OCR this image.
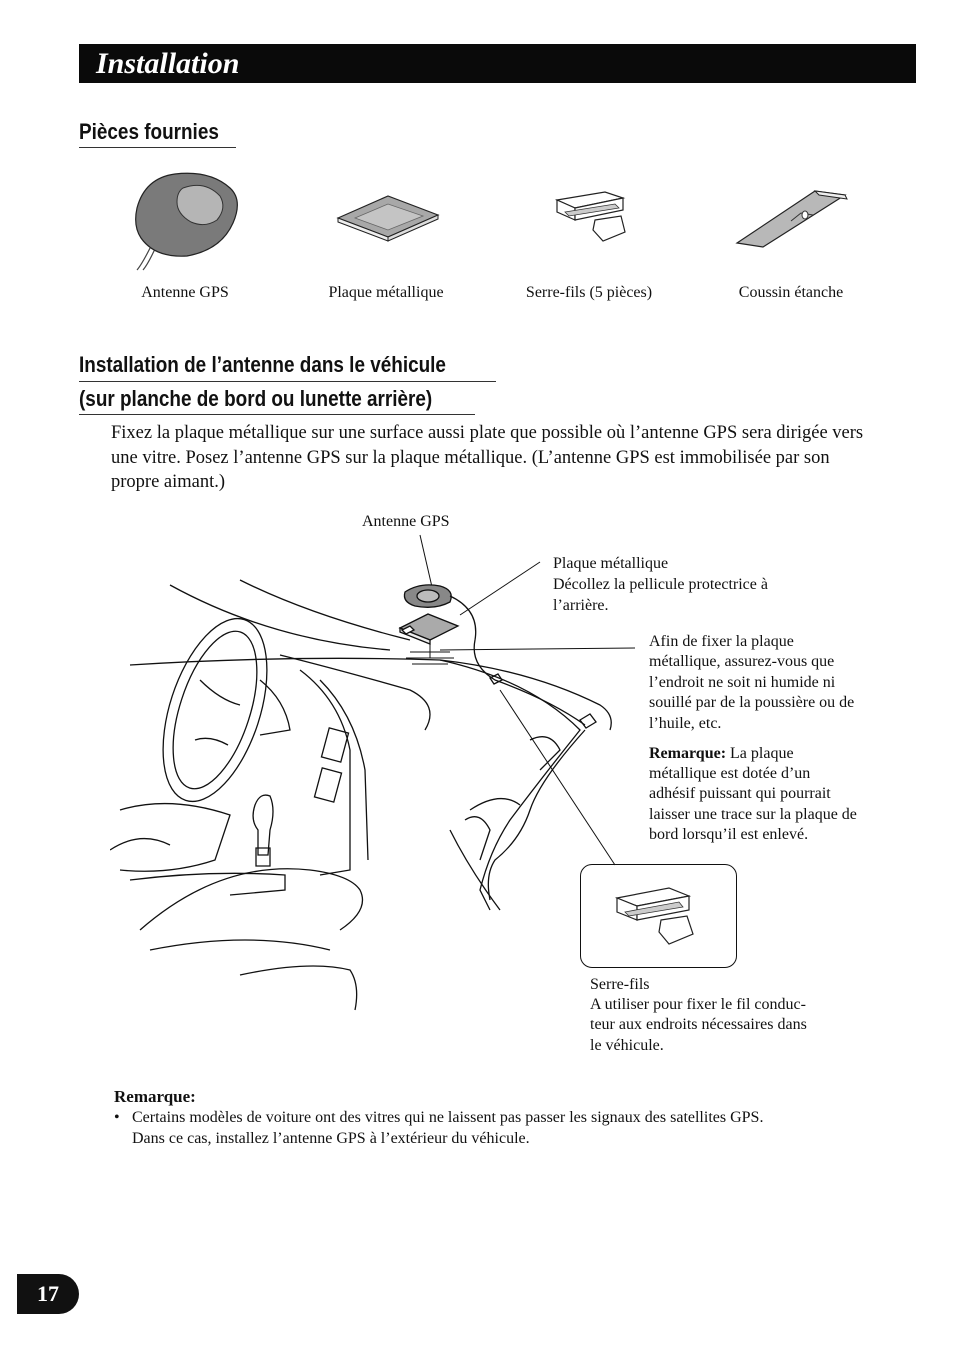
Installation
Pièces fournies
Antenne GPS	Plaque métallique	Serre-fils (5 pièces)	Coussin étanche
Installation de l’antenne dans le véhicule
(sur planche de bord ou lunette arrière)
Fixez la plaque métallique sur une surface aussi plate que possible où l’antenne GPS sera dirigée vers une vitre. Posez l’antenne GPS sur la plaque métallique. (L’antenne GPS est immobilisée par son propre aimant.)
Antenne GPS
Plaque métallique
Décollez la pellicule protectrice à
l’arrière.
Afin de fixer la plaque
métallique, assurez-vous que
l’endroit ne soit ni humide ni
souillé par de la poussière ou de
l’huile, etc.
Remarque: La plaque
métallique est dotée d’un
adhésif puissant qui pourrait
laisser une trace sur la plaque de
bord lorsqu’il est enlevé.
Serre-fils
A utiliser pour fixer le fil conduc-
teur aux endroits nécessaires dans
le véhicule.
Remarque:
• Certains modèles de voiture ont des vitres qui ne laissent pas passer les signaux des satellites GPS.
Dans ce cas, installez l’antenne GPS à l’extérieur du véhicule.
17
